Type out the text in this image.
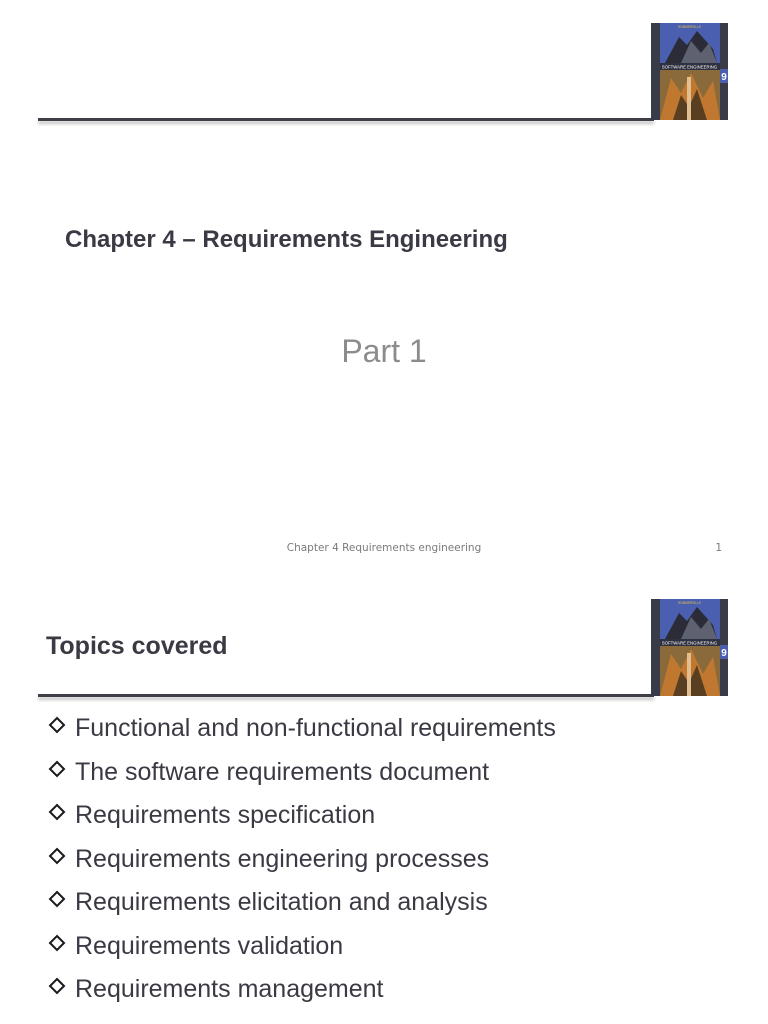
9
SOMMERVILLE
SOFTWARE ENGINEERING
Chapter 4 – Requirements Engineering
Part 1
Chapter 4 Requirements engineering	1
9
SOMMERVILLE
SOFTWARE ENGINEERING
Topics covered
Functional and non-functional requirements
The software requirements document
Requirements specification
Requirements engineering processes
Requirements elicitation and analysis
Requirements validation
Requirements management
